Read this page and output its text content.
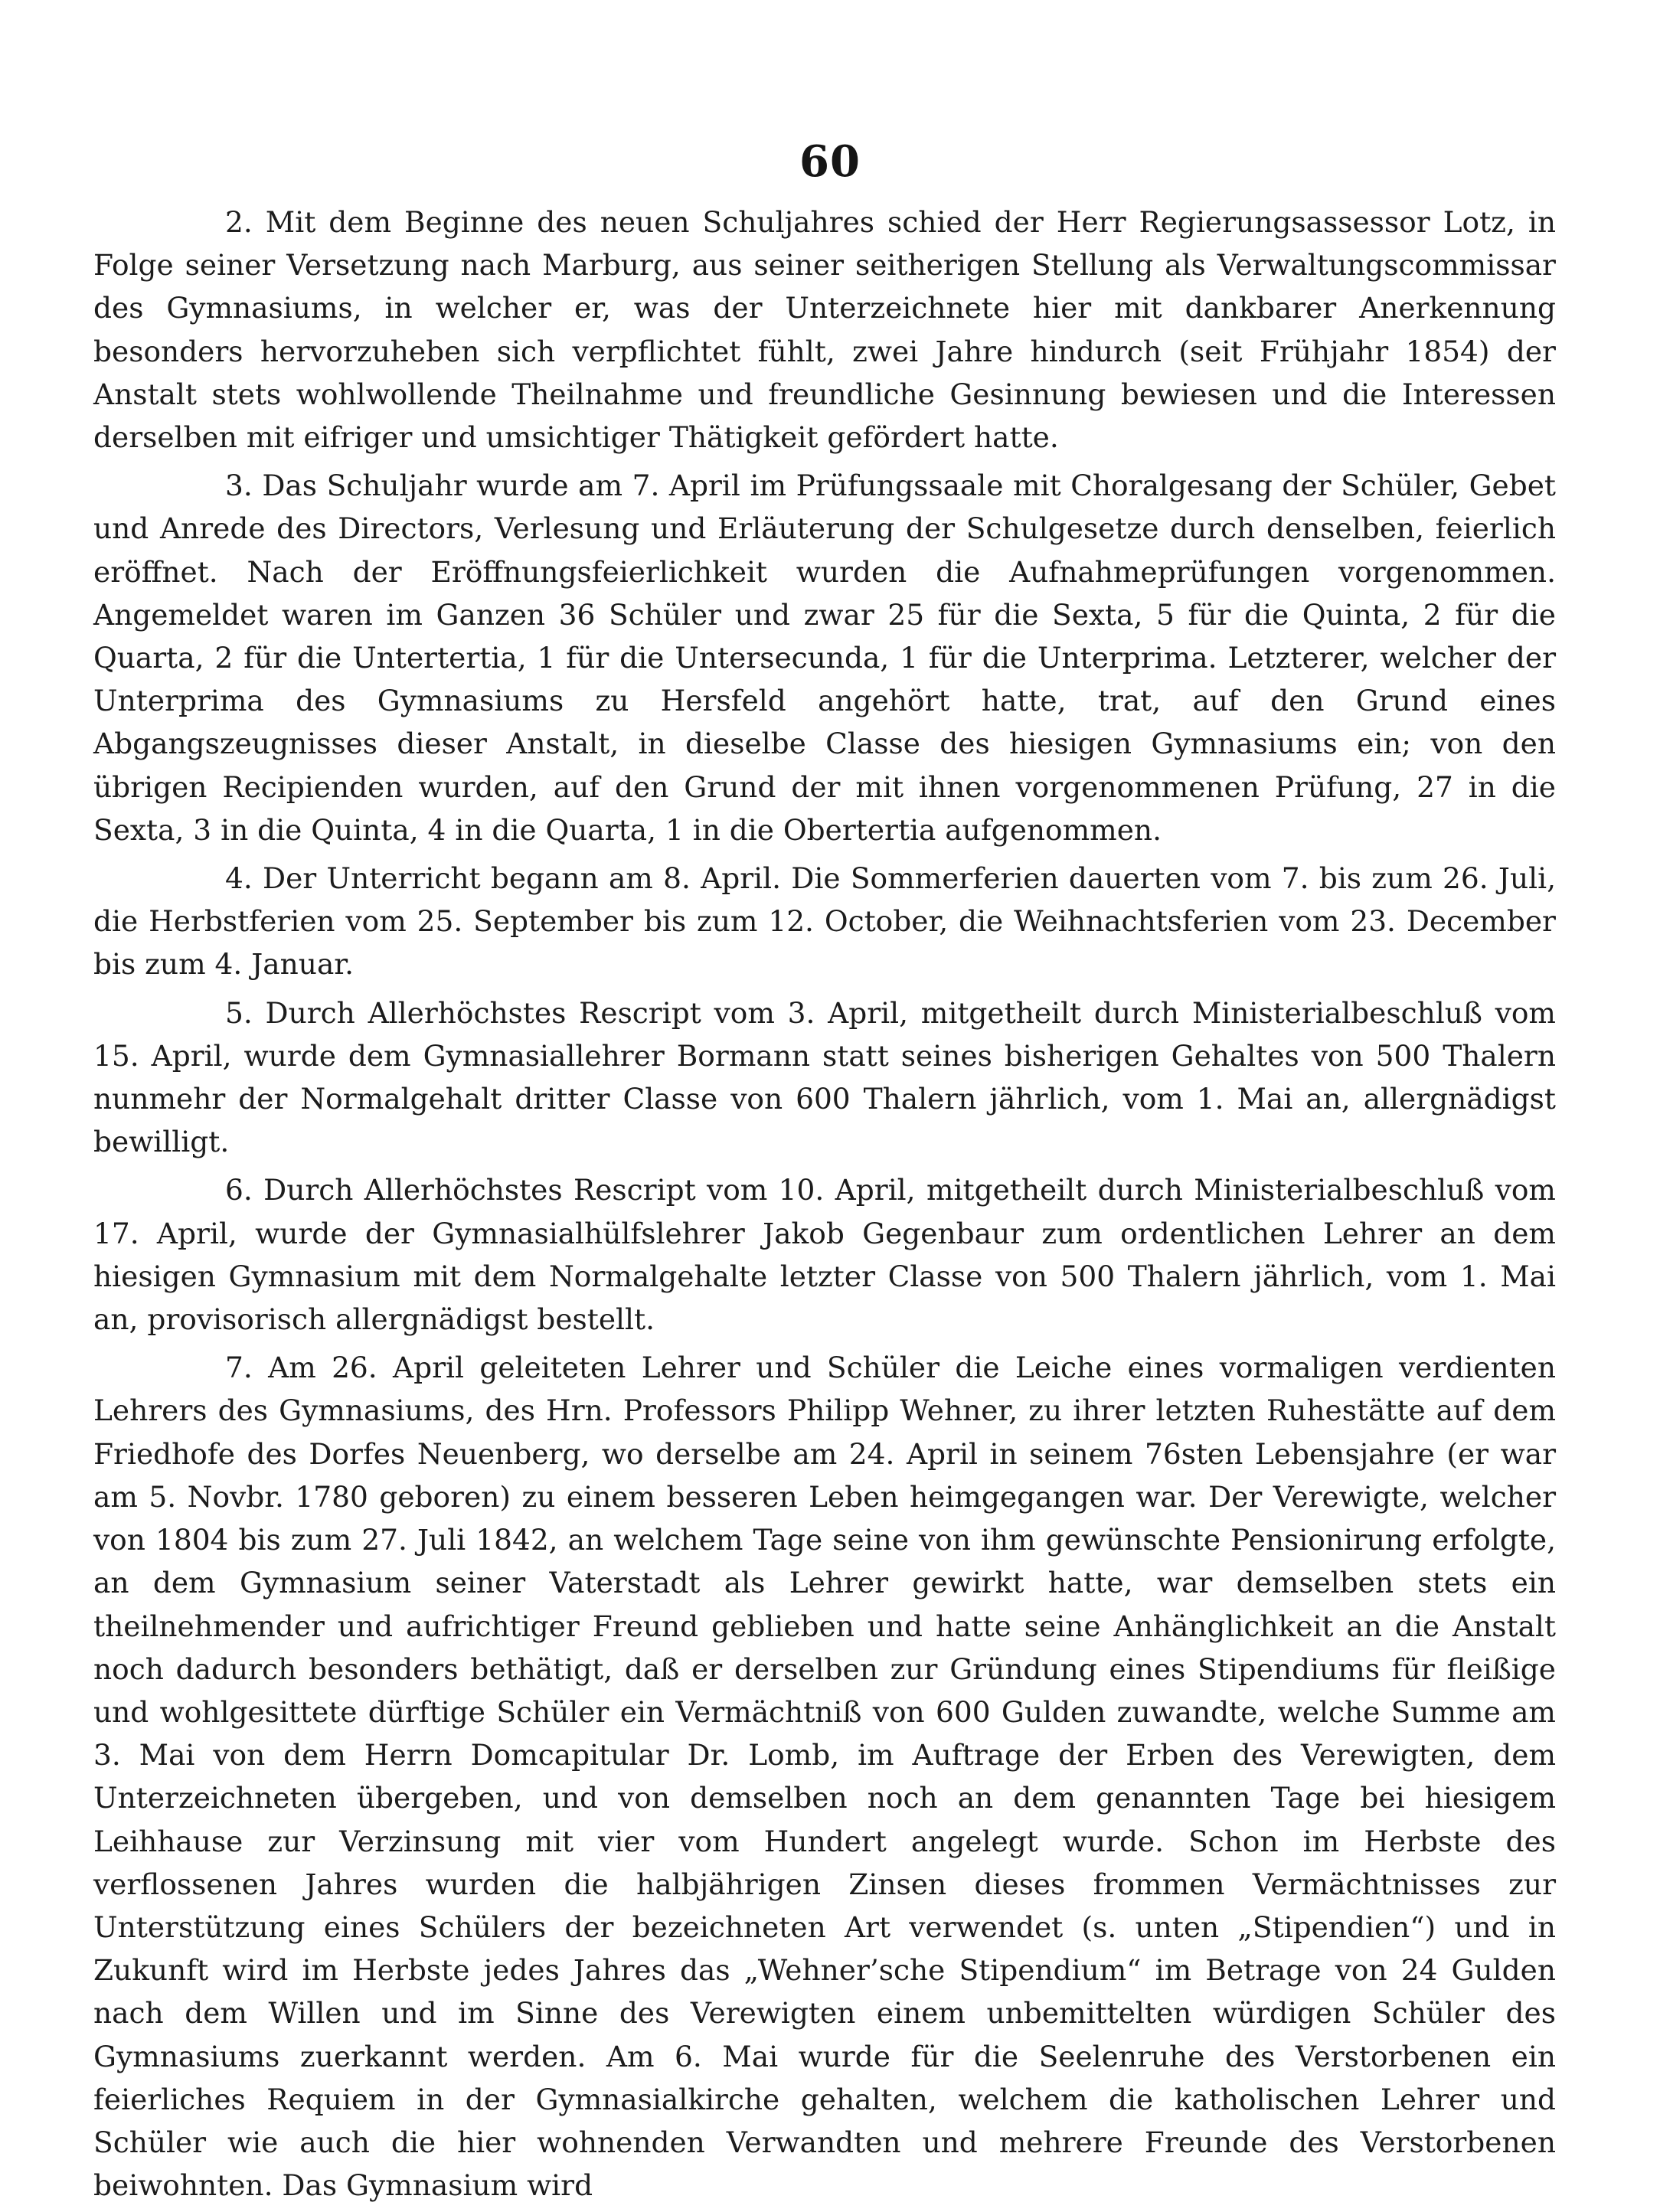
60

2. Mit dem Beginne des neuen Schuljahres schied der Herr Regierungsassessor Lotz, in Folge seiner Versetzung nach Marburg, aus seiner seitherigen Stellung als Verwaltungscommissar des Gymnasiums, in welcher er, was der Unterzeichnete hier mit dankbarer Anerkennung besonders hervorzuheben sich verpflichtet fühlt, zwei Jahre hindurch (seit Frühjahr 1854) der Anstalt stets wohlwollende Theilnahme und freundliche Gesinnung bewiesen und die Interessen derselben mit eifriger und umsichtiger Thätigkeit gefördert hatte.

3. Das Schuljahr wurde am 7. April im Prüfungssaale mit Choralgesang der Schüler, Gebet und Anrede des Directors, Verlesung und Erläuterung der Schulgesetze durch denselben, feierlich eröffnet. Nach der Eröffnungsfeierlichkeit wurden die Aufnahmeprüfungen vorgenommen. Angemeldet waren im Ganzen 36 Schüler und zwar 25 für die Sexta, 5 für die Quinta, 2 für die Quarta, 2 für die Untertertia, 1 für die Untersecunda, 1 für die Unterprima. Letzterer, welcher der Unterprima des Gymnasiums zu Hersfeld angehört hatte, trat, auf den Grund eines Abgangszeugnisses dieser Anstalt, in dieselbe Classe des hiesigen Gymnasiums ein; von den übrigen Recipienden wurden, auf den Grund der mit ihnen vorgenommenen Prüfung, 27 in die Sexta, 3 in die Quinta, 4 in die Quarta, 1 in die Obertertia aufgenommen.

4. Der Unterricht begann am 8. April. Die Sommerferien dauerten vom 7. bis zum 26. Juli, die Herbstferien vom 25. September bis zum 12. October, die Weihnachtsferien vom 23. December bis zum 4. Januar.

5. Durch Allerhöchstes Rescript vom 3. April, mitgetheilt durch Ministerialbeschluß vom 15. April, wurde dem Gymnasiallehrer Bormann statt seines bisherigen Gehaltes von 500 Thalern nunmehr der Normalgehalt dritter Classe von 600 Thalern jährlich, vom 1. Mai an, allergnädigst bewilligt.

6. Durch Allerhöchstes Rescript vom 10. April, mitgetheilt durch Ministerialbeschluß vom 17. April, wurde der Gymnasialhülfslehrer Jakob Gegenbaur zum ordentlichen Lehrer an dem hiesigen Gymnasium mit dem Normalgehalte letzter Classe von 500 Thalern jährlich, vom 1. Mai an, provisorisch allergnädigst bestellt.

7. Am 26. April geleiteten Lehrer und Schüler die Leiche eines vormaligen verdienten Lehrers des Gymnasiums, des Hrn. Professors Philipp Wehner, zu ihrer letzten Ruhestätte auf dem Friedhofe des Dorfes Neuenberg, wo derselbe am 24. April in seinem 76sten Lebensjahre (er war am 5. Novbr. 1780 geboren) zu einem besseren Leben heimgegangen war. Der Verewigte, welcher von 1804 bis zum 27. Juli 1842, an welchem Tage seine von ihm gewünschte Pensionirung erfolgte, an dem Gymnasium seiner Vaterstadt als Lehrer gewirkt hatte, war demselben stets ein theilnehmender und aufrichtiger Freund geblieben und hatte seine Anhänglichkeit an die Anstalt noch dadurch besonders bethätigt, daß er derselben zur Gründung eines Stipendiums für fleißige und wohlgesittete dürftige Schüler ein Vermächtniß von 600 Gulden zuwandte, welche Summe am 3. Mai von dem Herrn Domcapitular Dr. Lomb, im Auftrage der Erben des Verewigten, dem Unterzeichneten übergeben, und von demselben noch an dem genannten Tage bei hiesigem Leihhause zur Verzinsung mit vier vom Hundert angelegt wurde. Schon im Herbste des verflossenen Jahres wurden die halbjährigen Zinsen dieses frommen Vermächtnisses zur Unterstützung eines Schülers der bezeichneten Art verwendet (s. unten „Stipendien“) und in Zukunft wird im Herbste jedes Jahres das „Wehner’sche Stipendium“ im Betrage von 24 Gulden nach dem Willen und im Sinne des Verewigten einem unbemittelten würdigen Schüler des Gymnasiums zuerkannt werden. Am 6. Mai wurde für die Seelenruhe des Verstorbenen ein feierliches Requiem in der Gymnasialkirche gehalten, welchem die katholischen Lehrer und Schüler wie auch die hier wohnenden Verwandten und mehrere Freunde des Verstorbenen beiwohnten. Das Gymnasium wird
